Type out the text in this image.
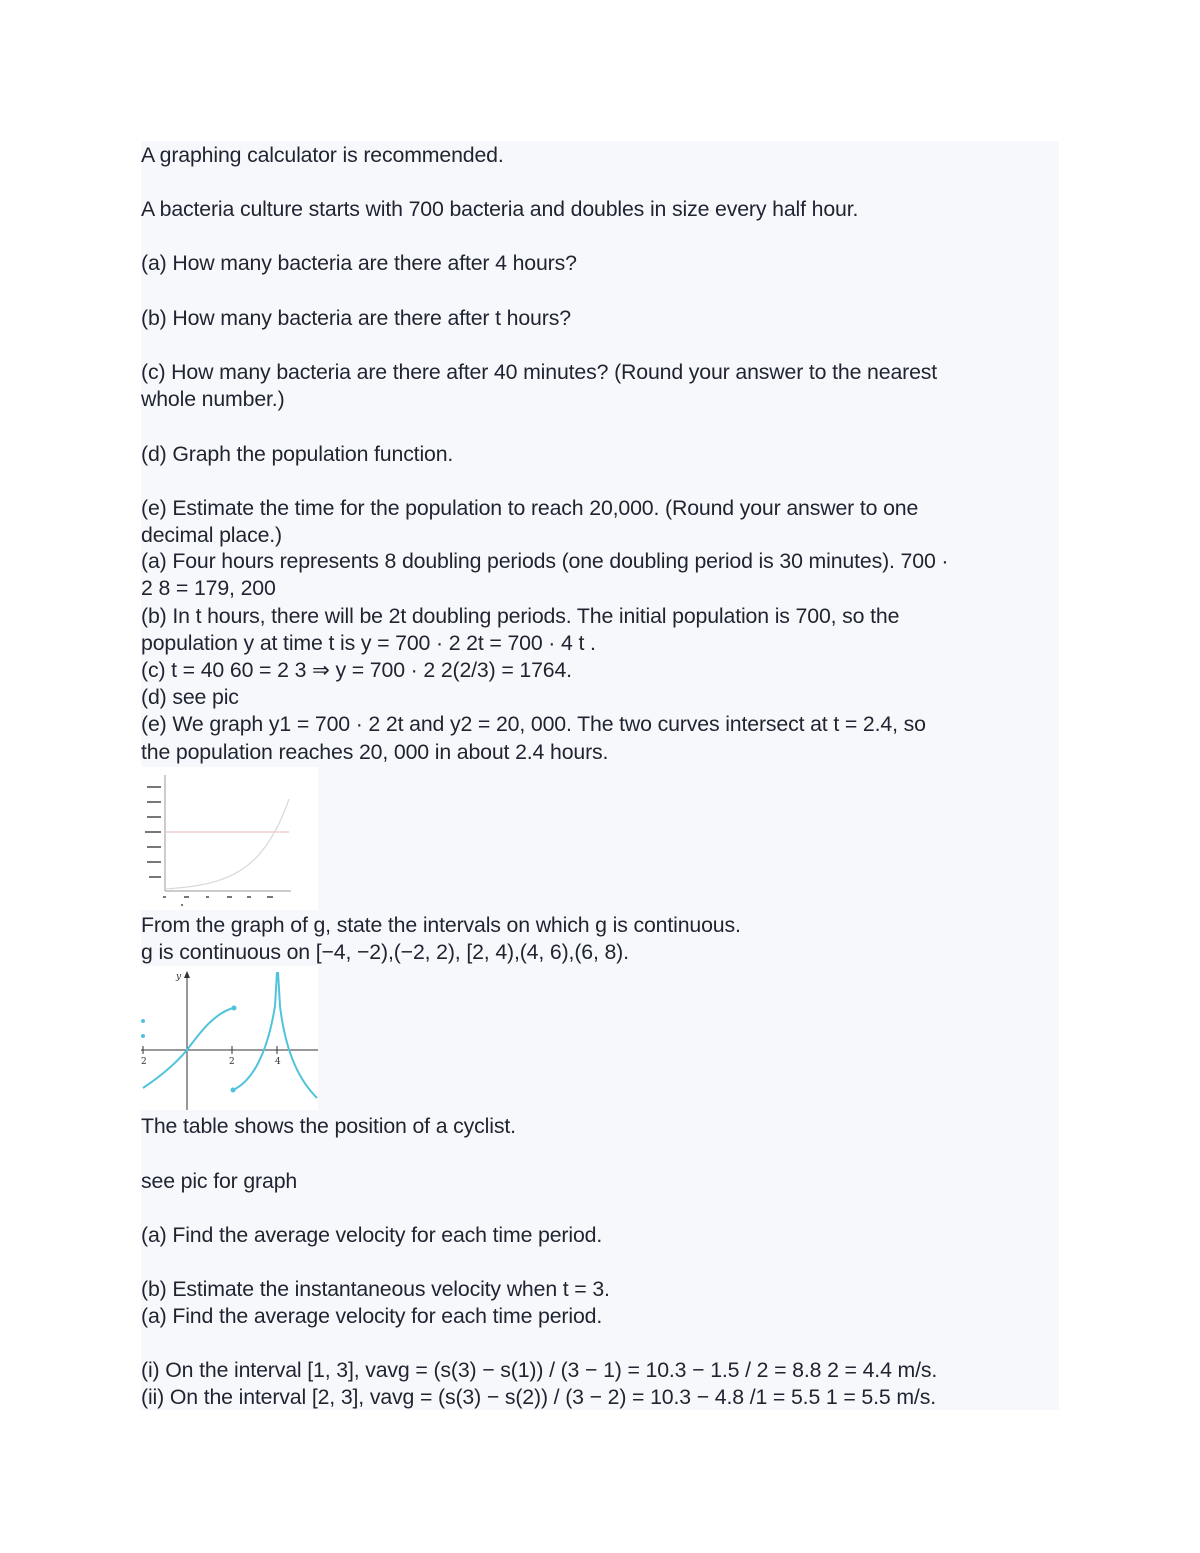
A graphing calculator is recommended.
A bacteria culture starts with 700 bacteria and doubles in size every half hour.
(a) How many bacteria are there after 4 hours?
(b) How many bacteria are there after t hours?
(c) How many bacteria are there after 40 minutes? (Round your answer to the nearest
whole number.)
(d) Graph the population function.
(e) Estimate the time for the population to reach 20,000. (Round your answer to one
decimal place.)
(a) Four hours represents 8 doubling periods (one doubling period is 30 minutes). 700 ·
2 8 = 179, 200
(b) In t hours, there will be 2t doubling periods. The initial population is 700, so the
population y at time t is y = 700 · 2 2t = 700 · 4 t .
(c) t = 40 60 = 2 3 ⇒ y = 700 · 2 2(2/3) = 1764.
(d) see pic
(e) We graph y1 = 700 · 2 2t and y2 = 20, 000. The two curves intersect at t = 2.4, so
the population reaches 20, 000 in about 2.4 hours.
From the graph of g, state the intervals on which g is continuous.
g is continuous on [−4, −2),(−2, 2), [2, 4),(4, 6),(6, 8).
y
2	2	4
The table shows the position of a cyclist.
see pic for graph
(a) Find the average velocity for each time period.
(b) Estimate the instantaneous velocity when t = 3.
(a) Find the average velocity for each time period.
(i) On the interval [1, 3], vavg = (s(3) − s(1)) / (3 − 1) = 10.3 − 1.5 / 2 = 8.8 2 = 4.4 m/s.
(ii) On the interval [2, 3], vavg = (s(3) − s(2)) / (3 − 2) = 10.3 − 4.8 /1 = 5.5 1 = 5.5 m/s.
